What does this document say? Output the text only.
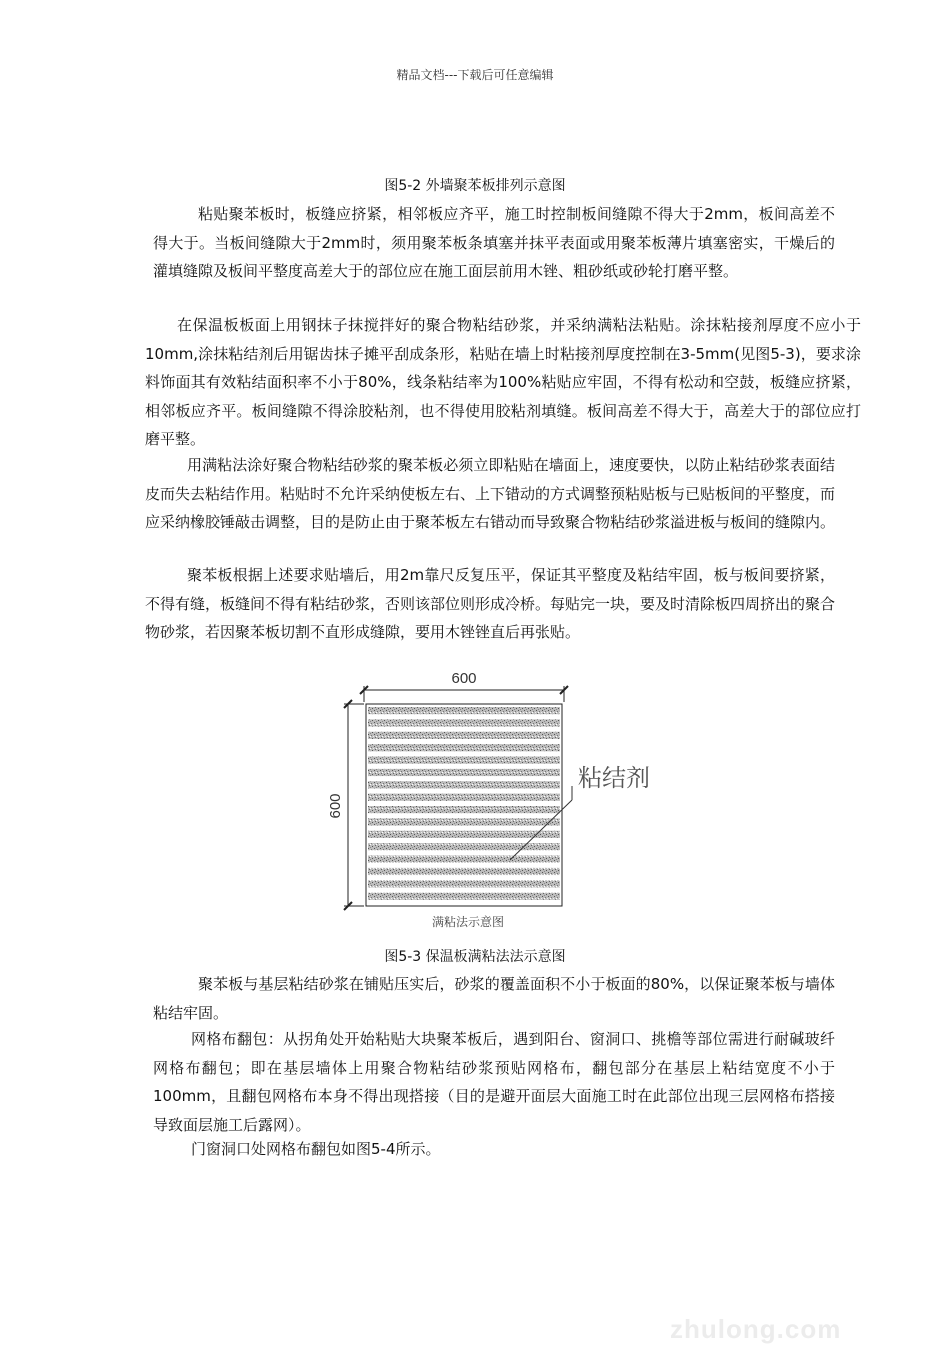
精品文档---下载后可任意编辑
图5-2 外墙聚苯板排列示意图

粘贴聚苯板时，板缝应挤紧，相邻板应齐平，施工时控制板间缝隙不得大于2mm，板间高差不得大于。当板间缝隙大于2mm时，须用聚苯板条填塞并抹平表面或用聚苯板薄片填塞密实，干燥后的灌填缝隙及板间平整度高差大于的部位应在施工面层前用木锉、粗砂纸或砂轮打磨平整。

在保温板板面上用钢抹子抹搅拌好的聚合物粘结砂浆，并采纳满粘法粘贴。涂抹粘接剂厚度不应小于10mm,涂抹粘结剂后用锯齿抹子摊平刮成条形，粘贴在墙上时粘接剂厚度控制在3-5mm(见图5-3)，要求涂料饰面其有效粘结面积率不小于80%，线条粘结率为100%粘贴应牢固，不得有松动和空鼓，板缝应挤紧，相邻板应齐平。板间缝隙不得涂胶粘剂，也不得使用胶粘剂填缝。板间高差不得大于，高差大于的部位应打磨平整。

用满粘法涂好聚合物粘结砂浆的聚苯板必须立即粘贴在墙面上，速度要快，以防止粘结砂浆表面结皮而失去粘结作用。粘贴时不允许采纳使板左右、上下错动的方式调整预粘贴板与已贴板间的平整度，而应采纳橡胶锤敲击调整，目的是防止由于聚苯板左右错动而导致聚合物粘结砂浆溢进板与板间的缝隙内。

聚苯板根据上述要求贴墙后，用2m靠尺反复压平，保证其平整度及粘结牢固，板与板间要挤紧，不得有缝，板缝间不得有粘结砂浆，否则该部位则形成冷桥。每贴完一块，要及时清除板四周挤出的聚合物砂浆，若因聚苯板切割不直形成缝隙，要用木锉锉直后再张贴。

600
600
粘结剂
满粘法示意图
图5-3 保温板满粘法法示意图

聚苯板与基层粘结砂浆在铺贴压实后，砂浆的覆盖面积不小于板面的80%，以保证聚苯板与墙体粘结牢固。

网格布翻包：从拐角处开始粘贴大块聚苯板后，遇到阳台、窗洞口、挑檐等部位需进行耐碱玻纤网格布翻包；即在基层墙体上用聚合物粘结砂浆预贴网格布，翻包部分在基层上粘结宽度不小于100mm，且翻包网格布本身不得出现搭接（目的是避开面层大面施工时在此部位出现三层网格布搭接导致面层施工后露网）。

门窗洞口处网格布翻包如图5-4所示。

zhulong.com
